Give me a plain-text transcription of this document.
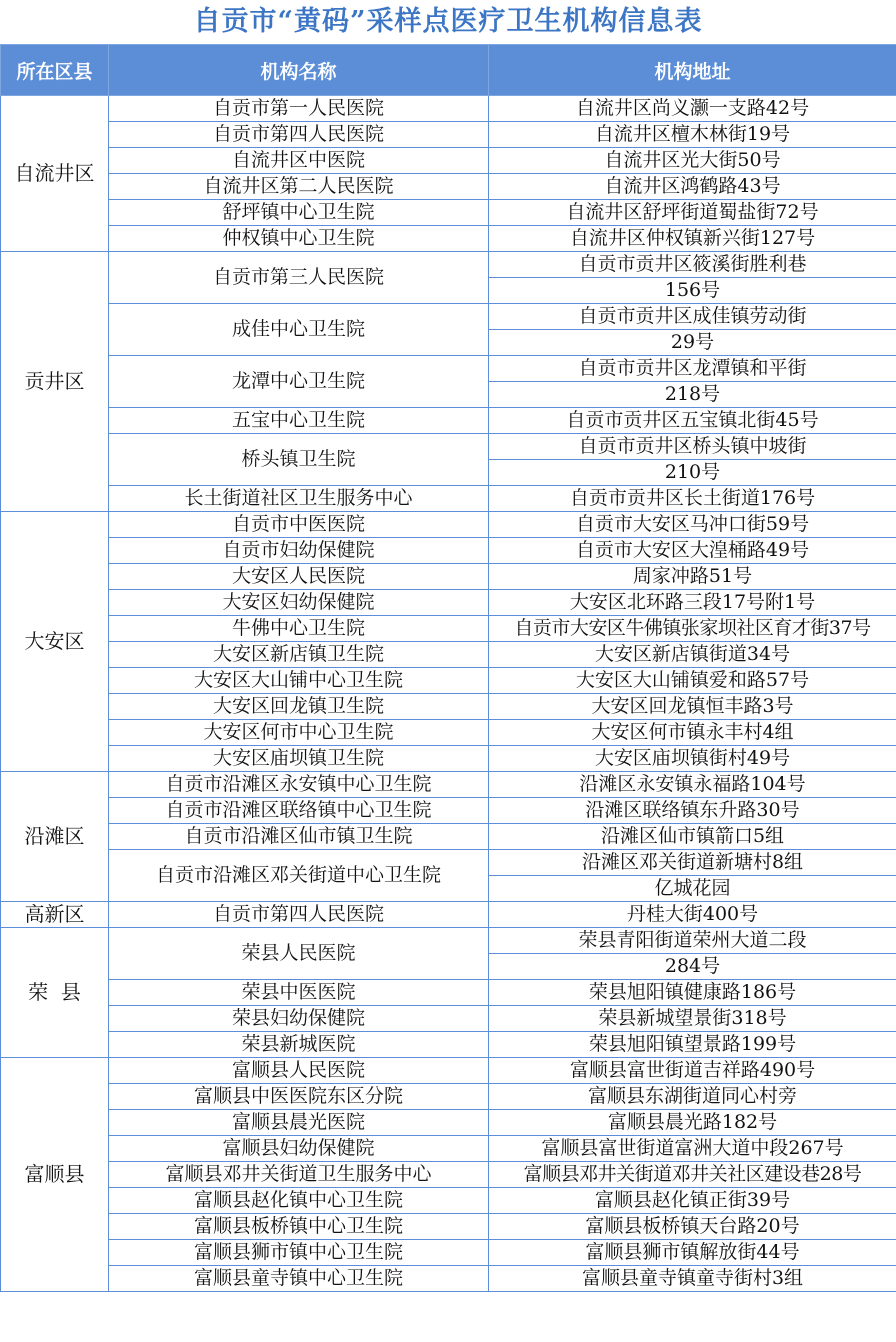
自贡市“黄码”采样点医疗卫生机构信息表
所在区县	机构名称	机构地址
自流井区	自贡市第一人民医院	自流井区尚义灏一支路42号
	自贡市第四人民医院	自流井区檀木林街19号
	自流井区中医院	自流井区光大街50号
	自流井区第二人民医院	自流井区鸿鹤路43号
	舒坪镇中心卫生院	自流井区舒坪街道蜀盐街72号
	仲权镇中心卫生院	自流井区仲权镇新兴街127号
贡井区	自贡市第三人民医院	自贡市贡井区筱溪街胜利巷
		156号
	成佳中心卫生院	自贡市贡井区成佳镇劳动街
		29号
	龙潭中心卫生院	自贡市贡井区龙潭镇和平街
		218号
	五宝中心卫生院	自贡市贡井区五宝镇北街45号
	桥头镇卫生院	自贡市贡井区桥头镇中坡街
		210号
	长土街道社区卫生服务中心	自贡市贡井区长土街道176号
大安区	自贡市中医医院	自贡市大安区马冲口街59号
	自贡市妇幼保健院	自贡市大安区大湟桶路49号
	大安区人民医院	周家冲路51号
	大安区妇幼保健院	大安区北环路三段17号附1号
	牛佛中心卫生院	自贡市大安区牛佛镇张家坝社区育才街37号
	大安区新店镇卫生院	大安区新店镇街道34号
	大安区大山铺中心卫生院	大安区大山铺镇爱和路57号
	大安区回龙镇卫生院	大安区回龙镇恒丰路3号
	大安区何市中心卫生院	大安区何市镇永丰村4组
	大安区庙坝镇卫生院	大安区庙坝镇街村49号
沿滩区	自贡市沿滩区永安镇中心卫生院	沿滩区永安镇永福路104号
	自贡市沿滩区联络镇中心卫生院	沿滩区联络镇东升路30号
	自贡市沿滩区仙市镇卫生院	沿滩区仙市镇箭口5组
	自贡市沿滩区邓关街道中心卫生院	沿滩区邓关街道新塘村8组
		亿城花园
高新区	自贡市第四人民医院	丹桂大街400号
荣  县	荣县人民医院	荣县青阳街道荣州大道二段
		284号
	荣县中医医院	荣县旭阳镇健康路186号
	荣县妇幼保健院	荣县新城望景街318号
	荣县新城医院	荣县旭阳镇望景路199号
富顺县	富顺县人民医院	富顺县富世街道吉祥路490号
	富顺县中医医院东区分院	富顺县东湖街道同心村旁
	富顺县晨光医院	富顺县晨光路182号
	富顺县妇幼保健院	富顺县富世街道富洲大道中段267号
	富顺县邓井关街道卫生服务中心	富顺县邓井关街道邓井关社区建设巷28号
	富顺县赵化镇中心卫生院	富顺县赵化镇正街39号
	富顺县板桥镇中心卫生院	富顺县板桥镇天台路20号
	富顺县狮市镇中心卫生院	富顺县狮市镇解放街44号
	富顺县童寺镇中心卫生院	富顺县童寺镇童寺街村3组
